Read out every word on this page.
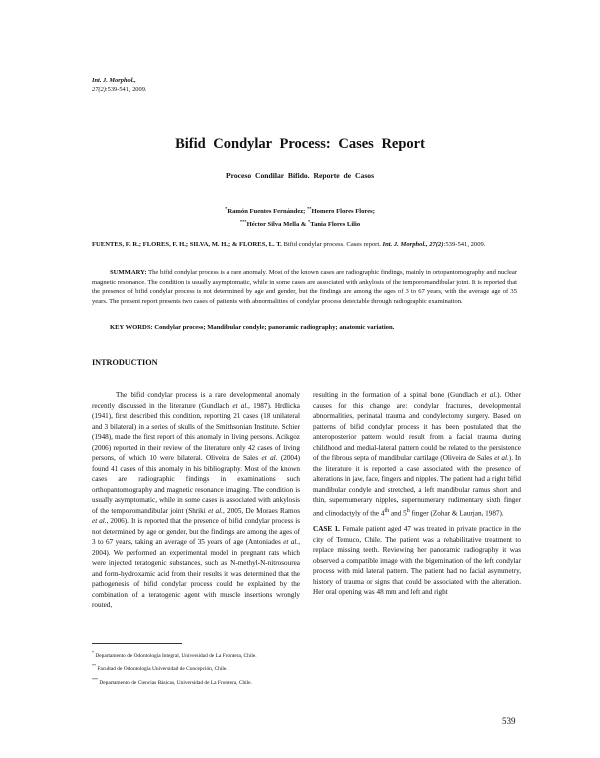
Int. J. Morphol.,
27(2):539-541, 2009.
Bifid Condylar Process: Cases Report
Proceso Condilar Bífido. Reporte de Casos
*Ramón Fuentes Fernández; **Homero Flores Flores;
***Héctor Silva Mella & *Tania Flores Lilio
FUENTES, F. R.; FLORES, F. H.; SILVA, M. H.; & FLORES, L. T. Bifid condylar process. Cases report. Int. J. Morphol., 27(2):539-541, 2009.
SUMMARY: The bifid condylar process is a rare anomaly. Most of the known cases are radiographic findings, mainly in ortopantomography and nuclear magnetic resonance. The condition is usually asymptomatic, while in some cases are associated with ankylosis of the temporomandibular joint. It is reported that the presence of bifid condylar process is not determined by age and gender, but the findings are among the ages of 3 to 67 years, with the average age of 35 years. The present report presents two cases of patients with abnormalities of condylar process detectable through radiographic examination.
KEY WORDS: Condylar process; Mandibular condyle; panoramic radiography; anatomic variation.
INTRODUCTION

The bifid condylar process is a rare developmental anomaly recently discussed in the literature (Gundlach et al., 1987). Hrdlicka (1941), first described this condition, reporting 21 cases (18 unilateral and 3 bilateral) in a series of skulls of the Smithsonian Institute. Schier (1948), made the first report of this anomaly in living persons. Acikgoz (2006) reported in their review of the literature only 42 cases of living persons, of which 10 were bilateral. Oliveira de Sales et al. (2004) found 41 cases of this anomaly in his bibliography. Most of the known cases are radiographic findings in examinations such orthopantomography and magnetic resonance imaging. The condition is usually asymptomatic, while in some cases is associated with ankylosis of the temporomandibular joint (Shriki et al., 2005, De Moraes Ramos et al., 2006). It is reported that the presence of bifid condylar process is not determined by age or gender, but the findings are among the ages of 3 to 67 years, taking an average of 35 years of age (Antoniades et al., 2004). We performed an experimental model in pregnant rats which were injected teratogenic substances, such as N-methyl-N-nitrosourea and form-hydroxamic acid from their results it was determined that the pathogenesis of bifid condylar process could be explained by the combination of a teratogenic agent with muscle insertions wrongly routed,

resulting in the formation of a spinal bone (Gundlach et al.). Other causes for this change are: condylar fractures, developmental abnormalities, perinatal trauma and condylectomy surgery. Based on patterns of bifid condylar process it has been postulated that the anteroposterior pattern would result from a facial trauma during childhood and medial-lateral pattern could be related to the persistence of the fibrous septa of mandibular cartilage (Oliveira de Sales et al.). In the literature it is reported a case associated with the presence of alterations in jaw, face, fingers and nipples. The patient had a right bifid mandibular condyle and stretched, a left mandibular ramus short and thin, supernumerary nipples, supernumerary rudimentary sixth finger and clinodactyly of the 4th and 5$^h$ finger (Zohar & Laurjan, 1987).

CASE 1. Female patient aged 47 was treated in private practice in the city of Temuco, Chile. The patient was a rehabilitative treatment to replace missing teeth. Reviewing her panoramic radiography it was observed a compatible image with the bigemination of the left condylar process with mid lateral pattern. The patient had no facial asymmetry, history of trauma or signs that could be associated with the alteration. Her oral opening was 48 mm and left and right

* Departamento de Odontología Integral, Universidad de La Frontera, Chile.
** Facultad de Odontología Universidad de Concepción, Chile.
*** Departamento de Ciencias Básicas, Universidad de La Frontera, Chile.
539
